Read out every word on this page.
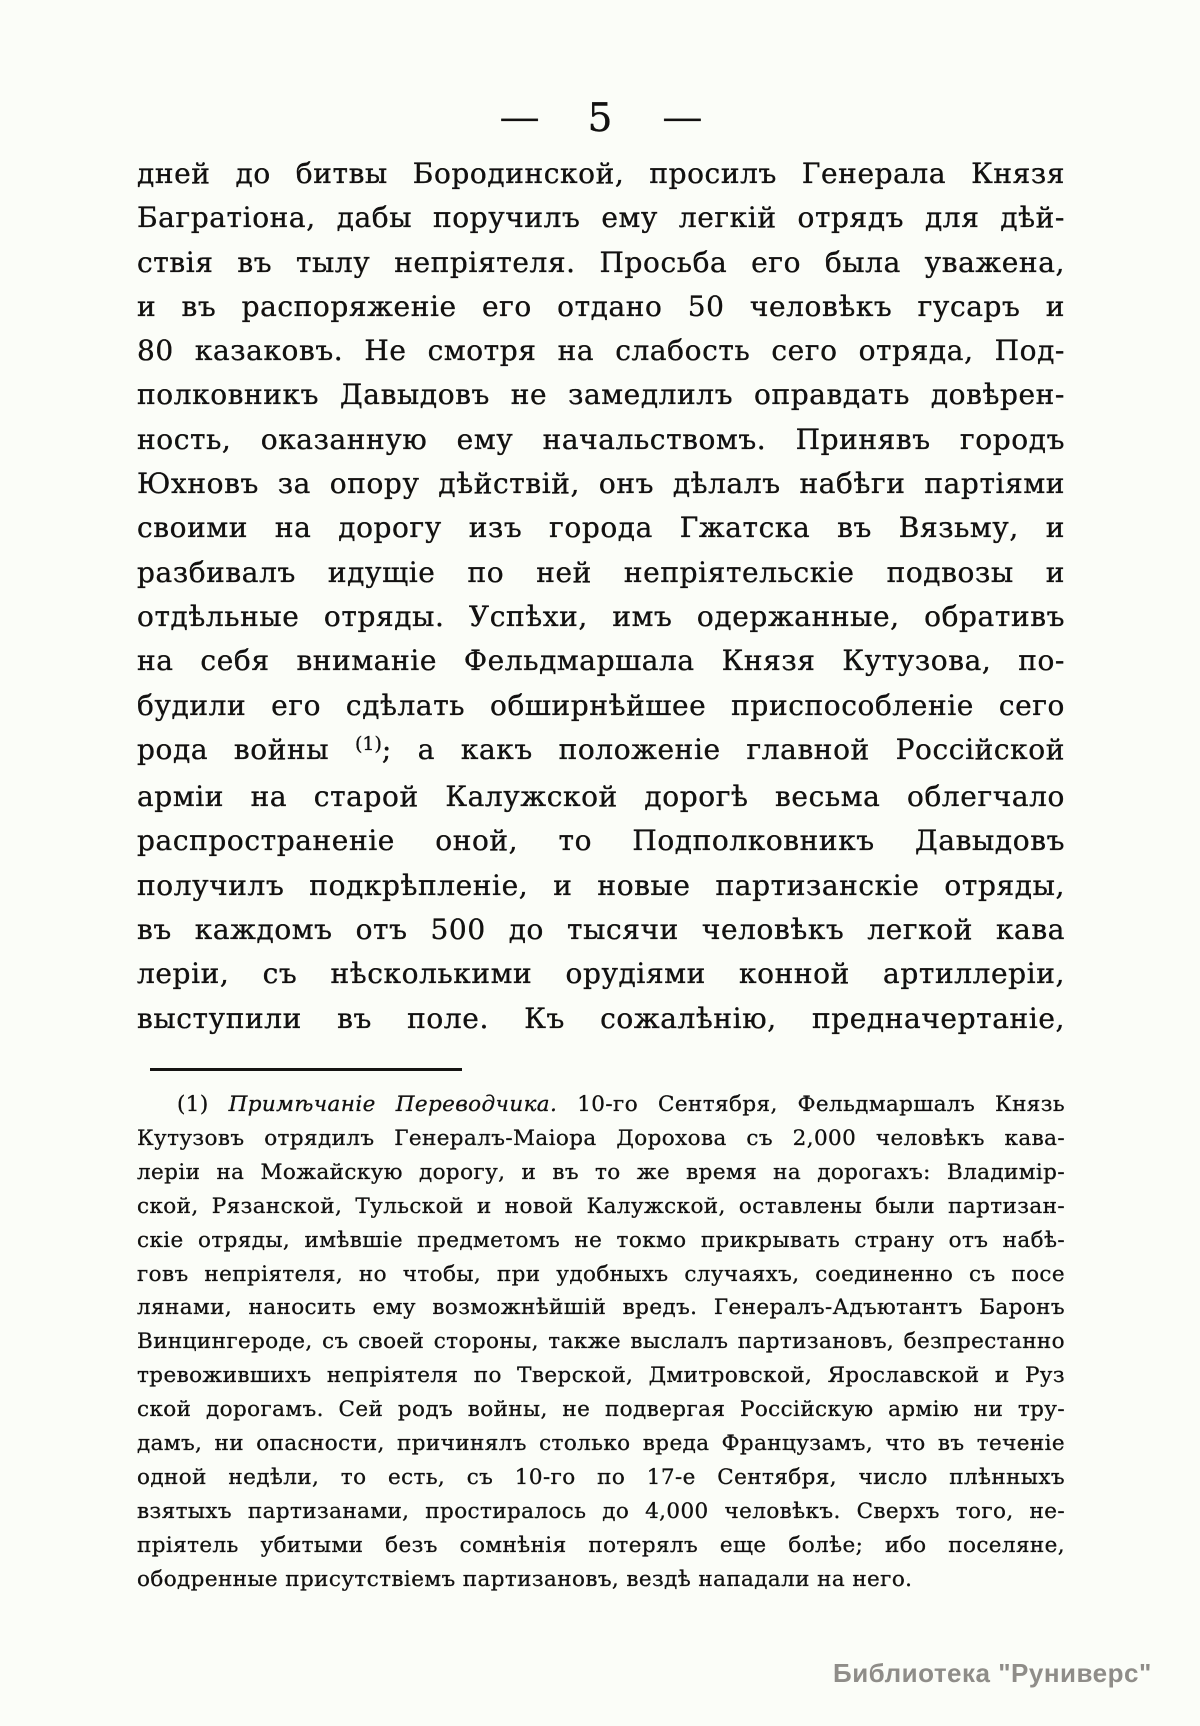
— 5 —
дней до битвы Бородинской, просилъ Генерала Князя
Багратіона, дабы поручилъ ему легкій отрядъ для дѣй-
ствія въ тылу непріятеля. Просьба его была уважена,
и въ распоряженіе его отдано 50 человѣкъ гусаръ и
80 казаковъ. Не смотря на слабость сего отряда, Под-
полковникъ Давыдовъ не замедлилъ оправдать довѣрен-
ность, оказанную ему начальствомъ. Принявъ городъ
Юхновъ за опору дѣйствій, онъ дѣлалъ набѣги партіями
своими на дорогу изъ города Гжатска въ Вязьму, и
разбивалъ идущіе по ней непріятельскіе подвозы и
отдѣльные отряды. Успѣхи, имъ одержанные, обративъ
на себя вниманіе Фельдмаршала Князя Кутузова, по-
будили его сдѣлать обширнѣйшее приспособленіе сего
рода войны $^{(1)}$; а какъ положеніе главной Россійской
арміи на старой Калужской дорогѣ весьма облегчало
распространеніе оной, то Подполковникъ Давыдовъ
получилъ подкрѣпленіе, и новые партизанскіе отряды,
въ каждомъ отъ 500 до тысячи человѣкъ легкой кава
леріи, съ нѣсколькими орудіями конной артиллеріи,
выступили въ поле. Къ сожалѣнію, предначертаніе,
(1) Примѣчаніе Переводчика. 10-го Сентября, Фельдмаршалъ Князь
Кутузовъ отрядилъ Генералъ-Маіора Дорохова съ 2,000 человѣкъ кава-
леріи на Можайскую дорогу, и въ то же время на дорогахъ: Владимір-
ской, Рязанской, Тульской и новой Калужской, оставлены были партизан-
скіе отряды, имѣвшіе предметомъ не токмо прикрывать страну отъ набѣ-
говъ непріятеля, но чтобы, при удобныхъ случаяхъ, соединенно съ посе
лянами, наносить ему возможнѣйшій вредъ. Генералъ-Адъютантъ Баронъ
Винцингероде, съ своей стороны, также выслалъ партизановъ, безпрестанно
тревожившихъ непріятеля по Тверской, Дмитровской, Ярославской и Руз
ской дорогамъ. Сей родъ войны, не подвергая Россійскую армію ни тру-
дамъ, ни опасности, причинялъ столько вреда Французамъ, что въ теченіе
одной недѣли, то есть, съ 10-го по 17-е Сентября, число плѣнныхъ
взятыхъ партизанами, простиралось до 4,000 человѣкъ. Сверхъ того, не-
пріятель убитыми безъ сомнѣнія потерялъ еще болѣе; ибо поселяне,
ободренные присутствіемъ партизановъ, вездѣ нападали на него.
Библиотека "Руниверс"
